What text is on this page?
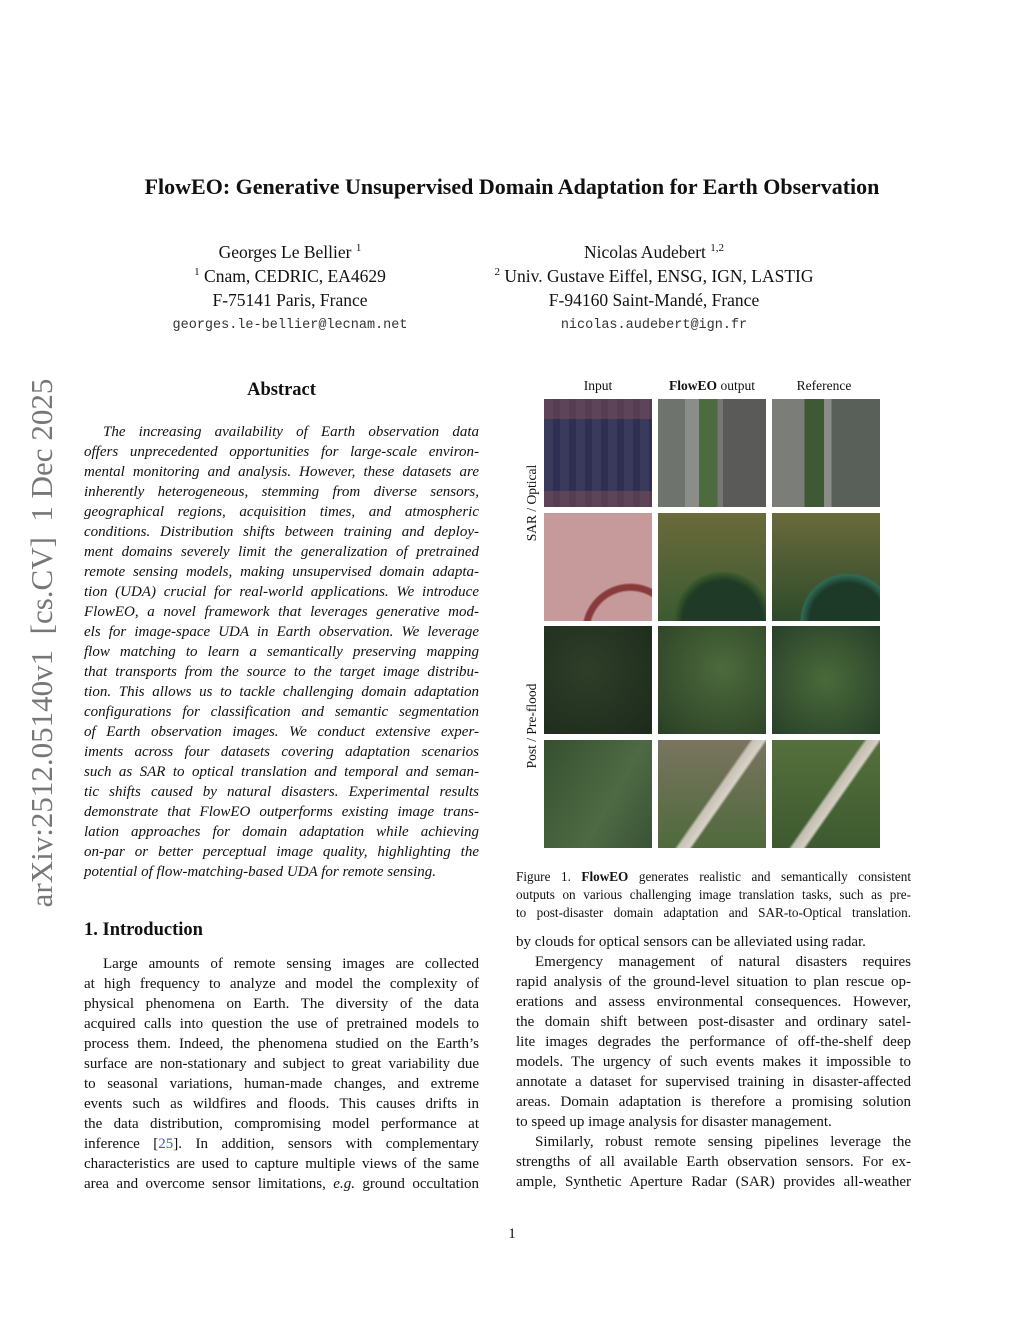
arXiv:2512.05140v1  [cs.CV]  1 Dec 2025
FlowEO: Generative Unsupervised Domain Adaptation for Earth Observation
Georges Le Bellier $^1$
$^1$ Cnam, CEDRIC, EA4629
F-75141 Paris, France
georges.le-bellier@lecnam.net
Nicolas Audebert $^{1,2}$
$^2$ Univ. Gustave Eiffel, ENSG, IGN, LASTIG
F-94160 Saint-Mandé, France
nicolas.audebert@ign.fr
Abstract
The increasing availability of Earth observation data
offers unprecedented opportunities for large-scale environ-
mental monitoring and analysis. However, these datasets are
inherently heterogeneous, stemming from diverse sensors,
geographical regions, acquisition times, and atmospheric
conditions. Distribution shifts between training and deploy-
ment domains severely limit the generalization of pretrained
remote sensing models, making unsupervised domain adapta-
tion (UDA) crucial for real-world applications. We introduce
FlowEO, a novel framework that leverages generative mod-
els for image-space UDA in Earth observation. We leverage
flow matching to learn a semantically preserving mapping
that transports from the source to the target image distribu-
tion. This allows us to tackle challenging domain adaptation
configurations for classification and semantic segmentation
of Earth observation images. We conduct extensive exper-
iments across four datasets covering adaptation scenarios
such as SAR to optical translation and temporal and seman-
tic shifts caused by natural disasters. Experimental results
demonstrate that FlowEO outperforms existing image trans-
lation approaches for domain adaptation while achieving
on-par or better perceptual image quality, highlighting the
potential of flow-matching-based UDA for remote sensing.
1. Introduction
Large amounts of remote sensing images are collected
at high frequency to analyze and model the complexity of
physical phenomena on Earth. The diversity of the data
acquired calls into question the use of pretrained models to
process them. Indeed, the phenomena studied on the Earth’s
surface are non-stationary and subject to great variability due
to seasonal variations, human-made changes, and extreme
events such as wildfires and floods. This causes drifts in
the data distribution, compromising model performance at
inference [25]. In addition, sensors with complementary
characteristics are used to capture multiple views of the same
area and overcome sensor limitations, e.g. ground occultation
Input	FlowEO output	Reference
SAR / Optical
Post / Pre-flood
Figure 1. FlowEO generates realistic and semantically consistent
outputs on various challenging image translation tasks, such as pre-
to post-disaster domain adaptation and SAR-to-Optical translation.
by clouds for optical sensors can be alleviated using radar.
Emergency management of natural disasters requires
rapid analysis of the ground-level situation to plan rescue op-
erations and assess environmental consequences. However,
the domain shift between post-disaster and ordinary satel-
lite images degrades the performance of off-the-shelf deep
models. The urgency of such events makes it impossible to
annotate a dataset for supervised training in disaster-affected
areas. Domain adaptation is therefore a promising solution
to speed up image analysis for disaster management.
Similarly, robust remote sensing pipelines leverage the
strengths of all available Earth observation sensors. For ex-
ample, Synthetic Aperture Radar (SAR) provides all-weather
1
